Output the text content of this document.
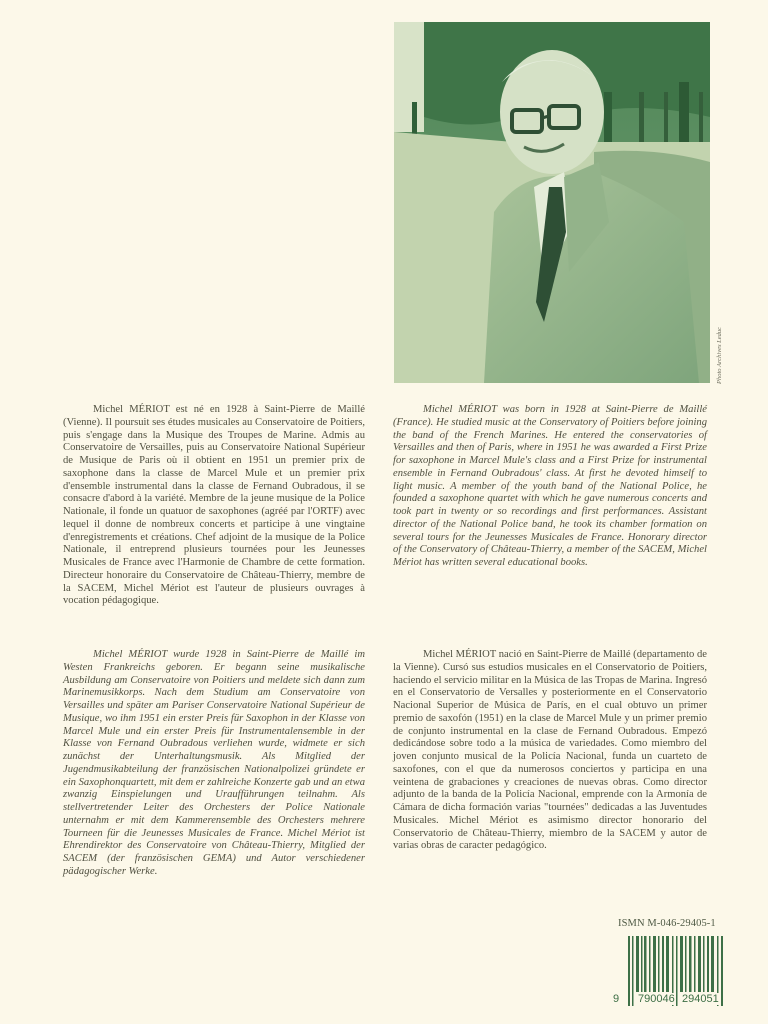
Photo Archives Leduc

Michel MÉRIOT est né en 1928 à Saint-Pierre de Maillé (Vienne). Il poursuit ses études musicales au Conservatoire de Poitiers, puis s'engage dans la Musique des Troupes de Marine. Admis au Conservatoire de Versailles, puis au Conservatoire National Supérieur de Musique de Paris où il obtient en 1951 un premier prix de saxophone dans la classe de Marcel Mule et un premier prix d'ensemble instrumental dans la classe de Fernand Oubradous, il se consacre d'abord à la variété. Membre de la jeune musique de la Police Nationale, il fonde un quatuor de saxophones (agréé par l'ORTF) avec lequel il donne de nombreux concerts et participe à une vingtaine d'enregistrements et créations. Chef adjoint de la musique de la Police Nationale, il entreprend plusieurs tournées pour les Jeunesses Musicales de France avec l'Harmonie de Chambre de cette formation. Directeur honoraire du Conservatoire de Château-Thierry, membre de la SACEM, Michel Mériot est l'auteur de plusieurs ouvrages à vocation pédagogique.

Michel MÉRIOT was born in 1928 at Saint-Pierre de Maillé (France). He studied music at the Conservatory of Poitiers before joining the band of the French Marines. He entered the conservatories of Versailles and then of Paris, where in 1951 he was awarded a First Prize for saxophone in Marcel Mule's class and a First Prize for instrumental ensemble in Fernand Oubradous' class. At first he devoted himself to light music. A member of the youth band of the National Police, he founded a saxophone quartet with which he gave numerous concerts and took part in twenty or so recordings and first performances. Assistant director of the National Police band, he took its chamber formation on several tours for the Jeunesses Musicales de France. Honorary director of the Conservatory of Château-Thierry, a member of the SACEM, Michel Mériot has written several educational books.

Michel MÉRIOT wurde 1928 in Saint-Pierre de Maillé im Westen Frankreichs geboren. Er begann seine musikalische Ausbildung am Conservatoire von Poitiers und meldete sich dann zum Marinemusikkorps. Nach dem Studium am Conservatoire von Versailles und später am Pariser Conservatoire National Supérieur de Musique, wo ihm 1951 ein erster Preis für Saxophon in der Klasse von Marcel Mule und ein erster Preis für Instrumentalensemble in der Klasse von Fernand Oubradous verliehen wurde, widmete er sich zunächst der Unterhaltungsmusik. Als Mitglied der Jugendmusikabteilung der französischen Nationalpolizei gründete er ein Saxophonquartett, mit dem er zahlreiche Konzerte gab und an etwa zwanzig Einspielungen und Uraufführungen teilnahm. Als stellvertretender Leiter des Orchesters der Police Nationale unternahm er mit dem Kammerensemble des Orchesters mehrere Tourneen für die Jeunesses Musicales de France. Michel Mériot ist Ehrendirektor des Conservatoire von Château-Thierry, Mitglied der SACEM (der französischen GEMA) und Autor verschiedener pädagogischer Werke.

Michel MÉRIOT nació en Saint-Pierre de Maillé (departamento de la Vienne). Cursó sus estudios musicales en el Conservatorio de Poitiers, haciendo el servicio militar en la Música de las Tropas de Marina. Ingresó en el Conservatorio de Versalles y posteriormente en el Conservatorio Nacional Superior de Música de París, en el cual obtuvo un primer premio de saxofón (1951) en la clase de Marcel Mule y un primer premio de conjunto instrumental en la clase de Fernand Oubradous. Empezó dedicándose sobre todo a la música de variedades. Como miembro del joven conjunto musical de la Policía Nacional, funda un cuarteto de saxofones, con el que da numerosos conciertos y participa en una veintena de grabaciones y creaciones de nuevas obras. Como director adjunto de la banda de la Policía Nacional, emprende con la Armonía de Cámara de dicha formación varias "tournées" dedicadas a las Juventudes Musicales. Michel Mériot es asimismo director honorario del Conservatorio de Château-Thierry, miembro de la SACEM y autor de varias obras de caracter pedagógico.

ISMN M-046-29405-1
9 790046 294051
